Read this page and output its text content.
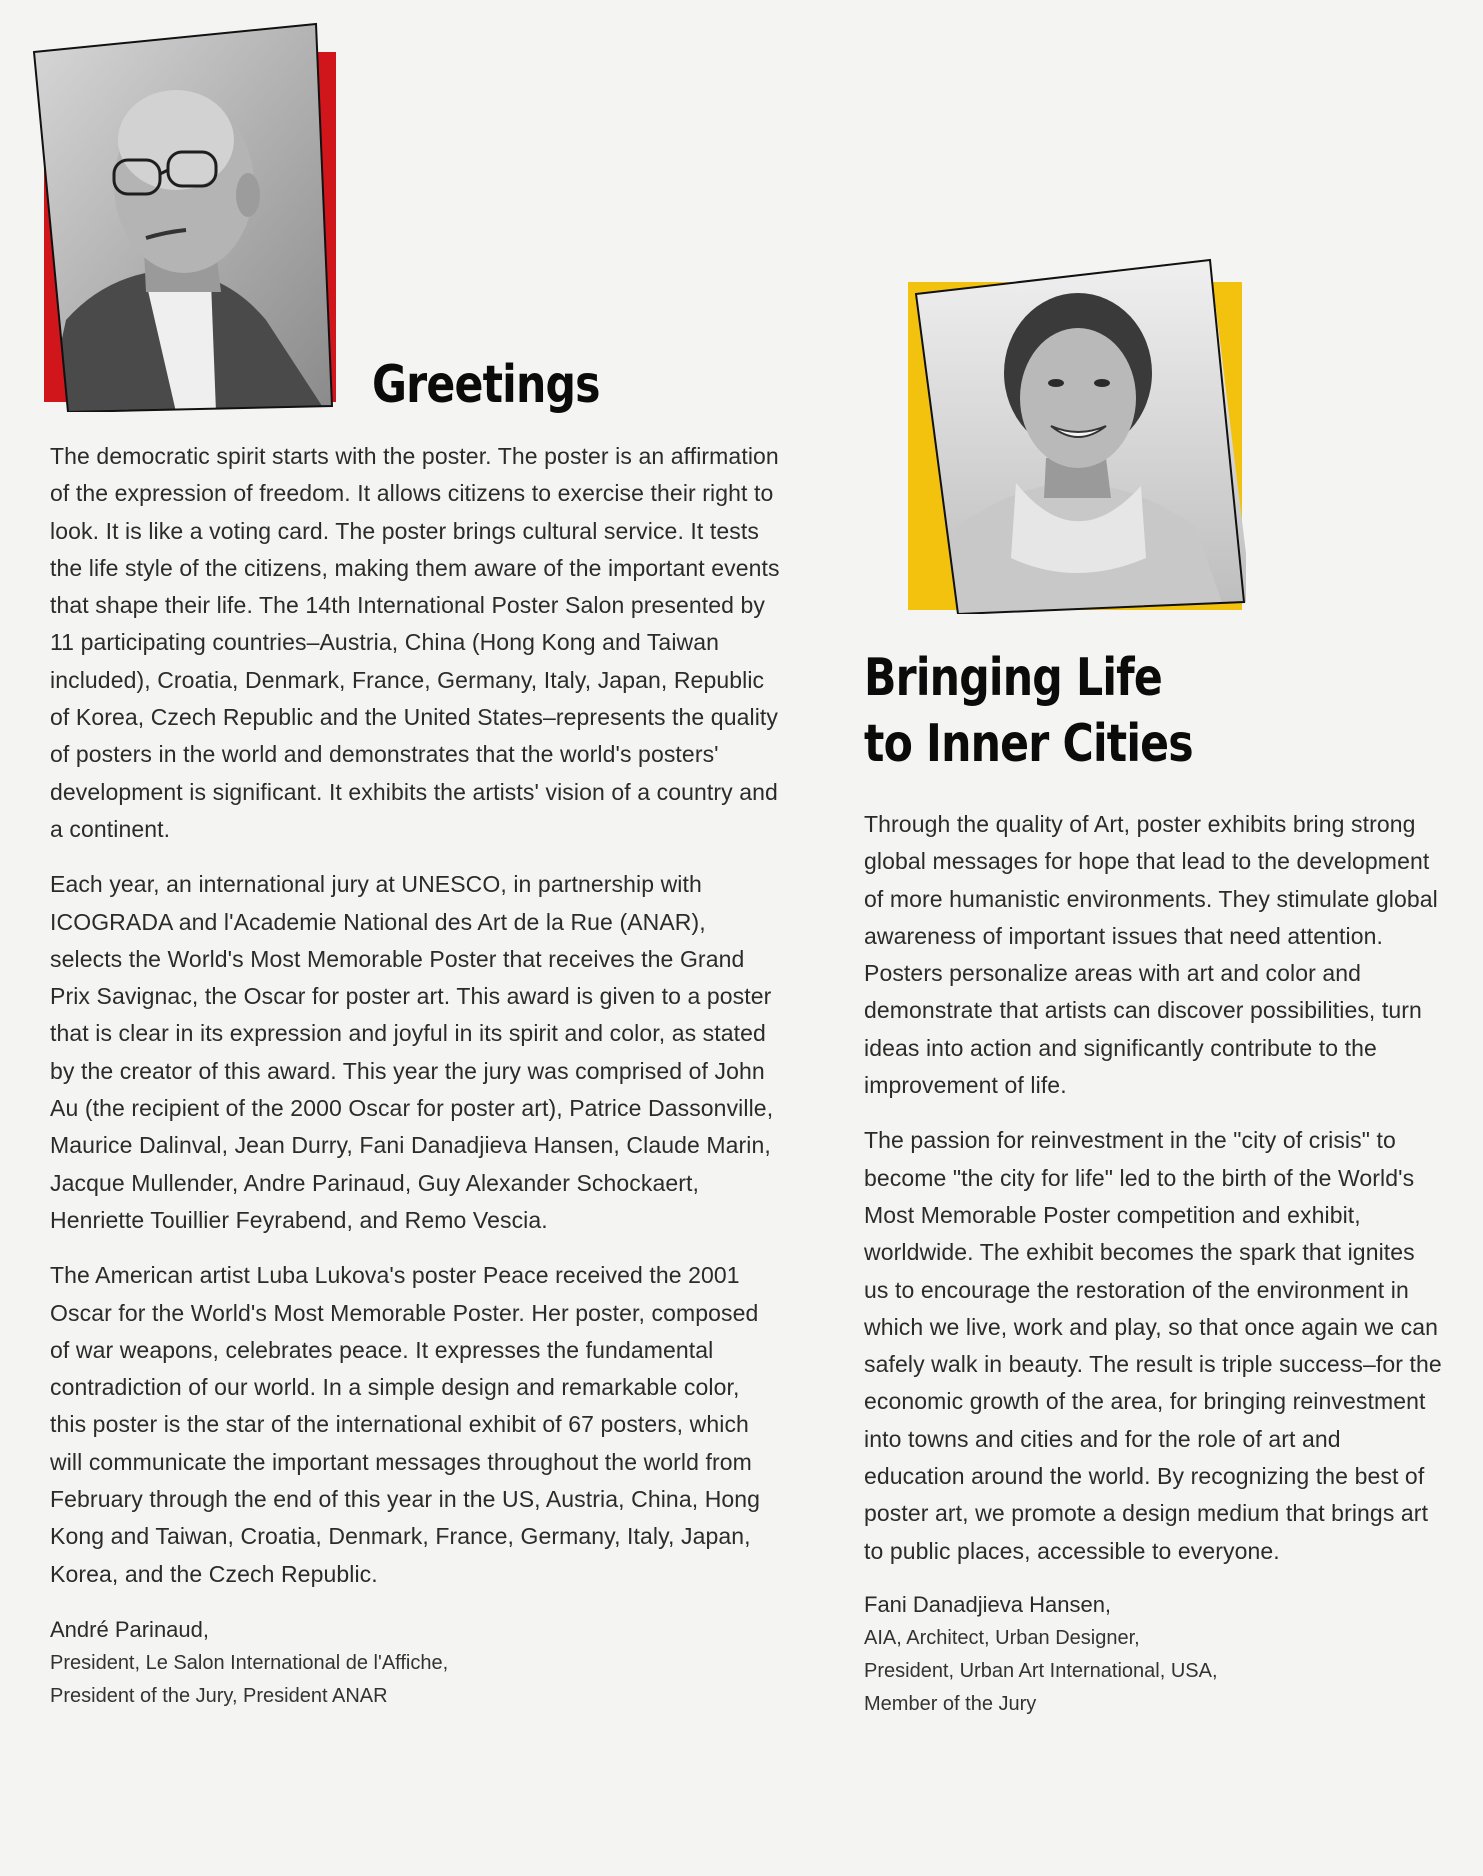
Greetings

The democratic spirit starts with the poster. The poster is an affirmation of the expression of freedom. It allows citizens to exercise their right to look. It is like a voting card. The poster brings cultural service. It tests the life style of the citizens, making them aware of the important events that shape their life. The 14th International Poster Salon presented by 11 participating countries–Austria, China (Hong Kong and Taiwan included), Croatia, Denmark, France, Germany, Italy, Japan, Republic of Korea, Czech Republic and the United States–represents the quality of posters in the world and demonstrates that the world's posters' development is significant. It exhibits the artists' vision of a country and a continent.

Each year, an international jury at UNESCO, in partnership with ICOGRADA and l'Academie National des Art de la Rue (ANAR), selects the World's Most Memorable Poster that receives the Grand Prix Savignac, the Oscar for poster art. This award is given to a poster that is clear in its expression and joyful in its spirit and color, as stated by the creator of this award. This year the jury was comprised of John Au (the recipient of the 2000 Oscar for poster art), Patrice Dassonville, Maurice Dalinval, Jean Durry, Fani Danadjieva Hansen, Claude Marin, Jacque Mullender, Andre Parinaud, Guy Alexander Schockaert, Henriette Touillier Feyrabend, and Remo Vescia.

The American artist Luba Lukova's poster Peace received the 2001 Oscar for the World's Most Memorable Poster. Her poster, composed of war weapons, celebrates peace. It expresses the fundamental contradiction of our world. In a simple design and remarkable color, this poster is the star of the international exhibit of 67 posters, which will communicate the important messages throughout the world from February through the end of this year in the US, Austria, China, Hong Kong and Taiwan, Croatia, Denmark, France, Germany, Italy, Japan, Korea, and the Czech Republic.

André Parinaud,
President, Le Salon International de l'Affiche,
President of the Jury, President ANAR
Bringing Life
to Inner Cities

Through the quality of Art, poster exhibits bring strong global messages for hope that lead to the development of more humanistic environments. They stimulate global awareness of important issues that need attention. Posters personalize areas with art and color and demonstrate that artists can discover possibilities, turn ideas into action and significantly contribute to the improvement of life.

The passion for reinvestment in the "city of crisis" to become "the city for life" led to the birth of the World's Most Memorable Poster competition and exhibit, worldwide. The exhibit becomes the spark that ignites us to encourage the restoration of the environment in which we live, work and play, so that once again we can safely walk in beauty. The result is triple success–for the economic growth of the area, for bringing reinvestment into towns and cities and for the role of art and education around the world. By recognizing the best of poster art, we promote a design medium that brings art to public places, accessible to everyone.

Fani Danadjieva Hansen,
AIA, Architect, Urban Designer,
President, Urban Art International, USA,
Member of the Jury
